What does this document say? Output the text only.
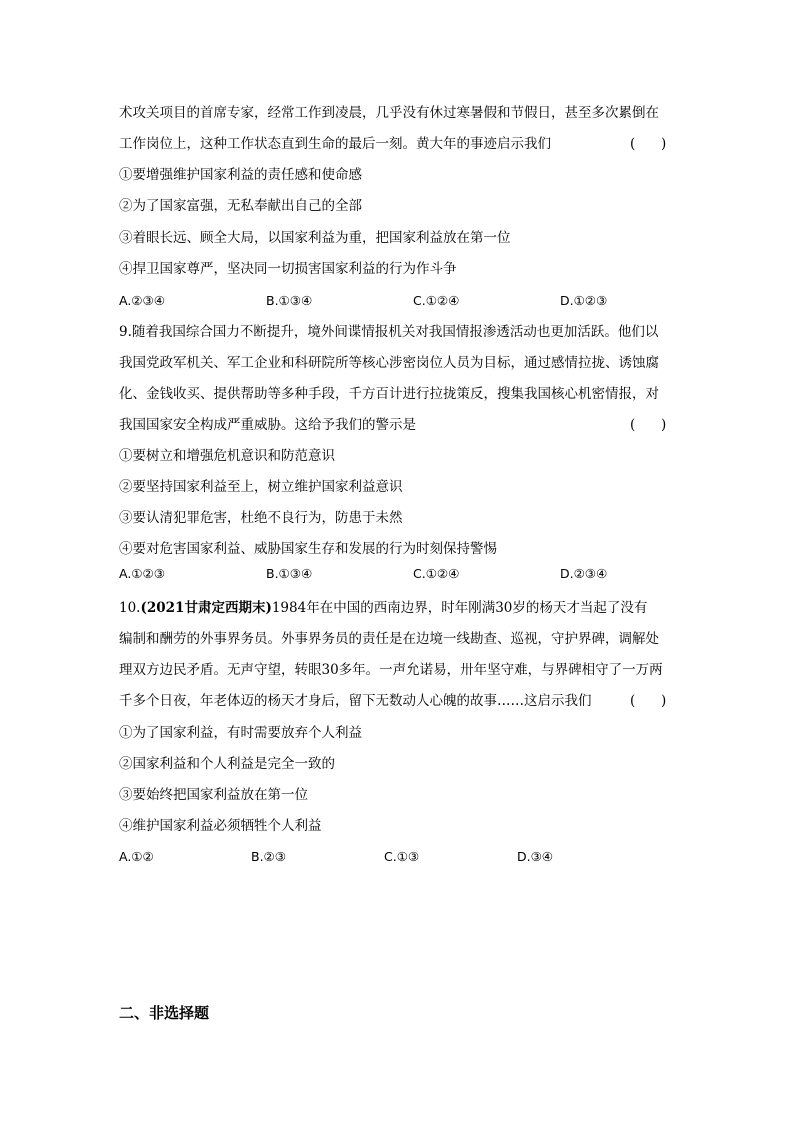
术攻关项目的首席专家，经常工作到凌晨，几乎没有休过寒暑假和节假日，甚至多次累倒在
工作岗位上，这种工作状态直到生命的最后一刻。黄大年的事迹启示我们	(      )
①要增强维护国家利益的责任感和使命感
②为了国家富强，无私奉献出自己的全部
③着眼长远、顾全大局，以国家利益为重，把国家利益放在第一位
④捍卫国家尊严，坚决同一切损害国家利益的行为作斗争
A.②③④	B.①③④	C.①②④	D.①②③
9.随着我国综合国力不断提升，境外间谍情报机关对我国情报渗透活动也更加活跃。他们以
我国党政军机关、军工企业和科研院所等核心涉密岗位人员为目标，通过感情拉拢、诱蚀腐
化、金钱收买、提供帮助等多种手段，千方百计进行拉拢策反，搜集我国核心机密情报，对
我国国家安全构成严重威胁。这给予我们的警示是	(      )
①要树立和增强危机意识和防范意识
②要坚持国家利益至上，树立维护国家利益意识
③要认清犯罪危害，杜绝不良行为，防患于未然
④要对危害国家利益、威胁国家生存和发展的行为时刻保持警惕
A.①②③	B.①③④	C.①②④	D.②③④
10.(2021甘肃定西期末)1984年在中国的西南边界，时年刚满30岁的杨天才当起了没有
编制和酬劳的外事界务员。外事界务员的责任是在边境一线勘查、巡视，守护界碑，调解处
理双方边民矛盾。无声守望，转眼30多年。一声允诺易，卅年坚守难，与界碑相守了一万两
千多个日夜，年老体迈的杨天才身后，留下无数动人心魄的故事……这启示我们	(      )
①为了国家利益，有时需要放弃个人利益
②国家利益和个人利益是完全一致的
③要始终把国家利益放在第一位
④维护国家利益必须牺牲个人利益
A.①②	B.②③	C.①③	D.③④
二、非选择题
